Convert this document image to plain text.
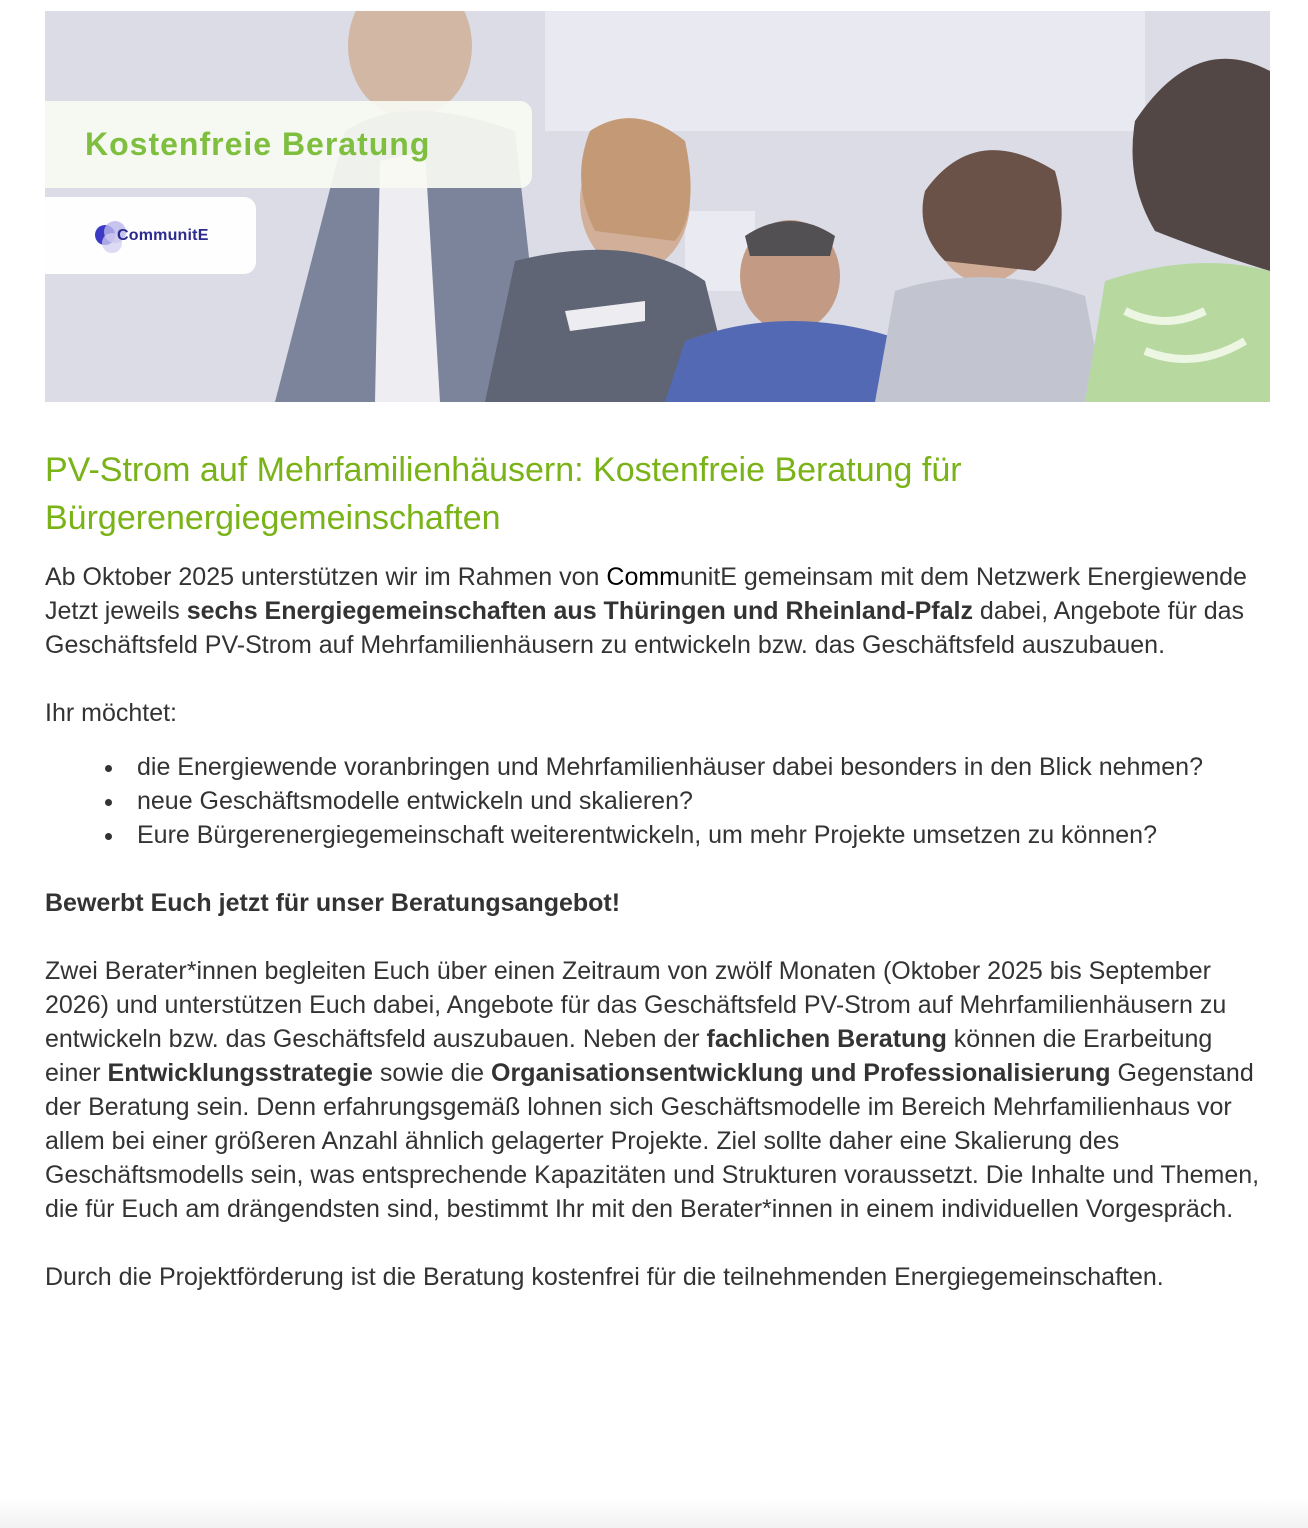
Kostenfreie Beratung
CommunitE
PV-Strom auf Mehrfamilienhäusern: Kostenfreie Beratung für Bürgerenergiegemeinschaften

Ab Oktober 2025 unterstützen wir im Rahmen von CommunitE gemeinsam mit dem Netzwerk Energiewende Jetzt jeweils sechs Energiegemeinschaften aus Thüringen und Rheinland-Pfalz dabei, Angebote für das Geschäftsfeld PV-Strom auf Mehrfamilienhäusern zu entwickeln bzw. das Geschäftsfeld auszubauen.

Ihr möchtet:

die Energiewende voranbringen und Mehrfamilienhäuser dabei besonders in den Blick nehmen?
neue Geschäftsmodelle entwickeln und skalieren?
Eure Bürgerenergiegemeinschaft weiterentwickeln, um mehr Projekte umsetzen zu können?

Bewerbt Euch jetzt für unser Beratungsangebot!

Zwei Berater*innen begleiten Euch über einen Zeitraum von zwölf Monaten (Oktober 2025 bis September 2026) und unterstützen Euch dabei, Angebote für das Geschäftsfeld PV-Strom auf Mehrfamilienhäusern zu entwickeln bzw. das Geschäftsfeld auszubauen. Neben der fachlichen Beratung können die Erarbeitung einer Entwicklungsstrategie sowie die Organisationsentwicklung und Professionalisierung Gegenstand der Beratung sein. Denn erfahrungsgemäß lohnen sich Geschäftsmodelle im Bereich Mehrfamilienhaus vor allem bei einer größeren Anzahl ähnlich gelagerter Projekte. Ziel sollte daher eine Skalierung des Geschäftsmodells sein, was entsprechende Kapazitäten und Strukturen voraussetzt. Die Inhalte und Themen, die für Euch am drängendsten sind, bestimmt Ihr mit den Berater*innen in einem individuellen Vorgespräch.

Durch die Projektförderung ist die Beratung kostenfrei für die teilnehmenden Energiegemeinschaften.
